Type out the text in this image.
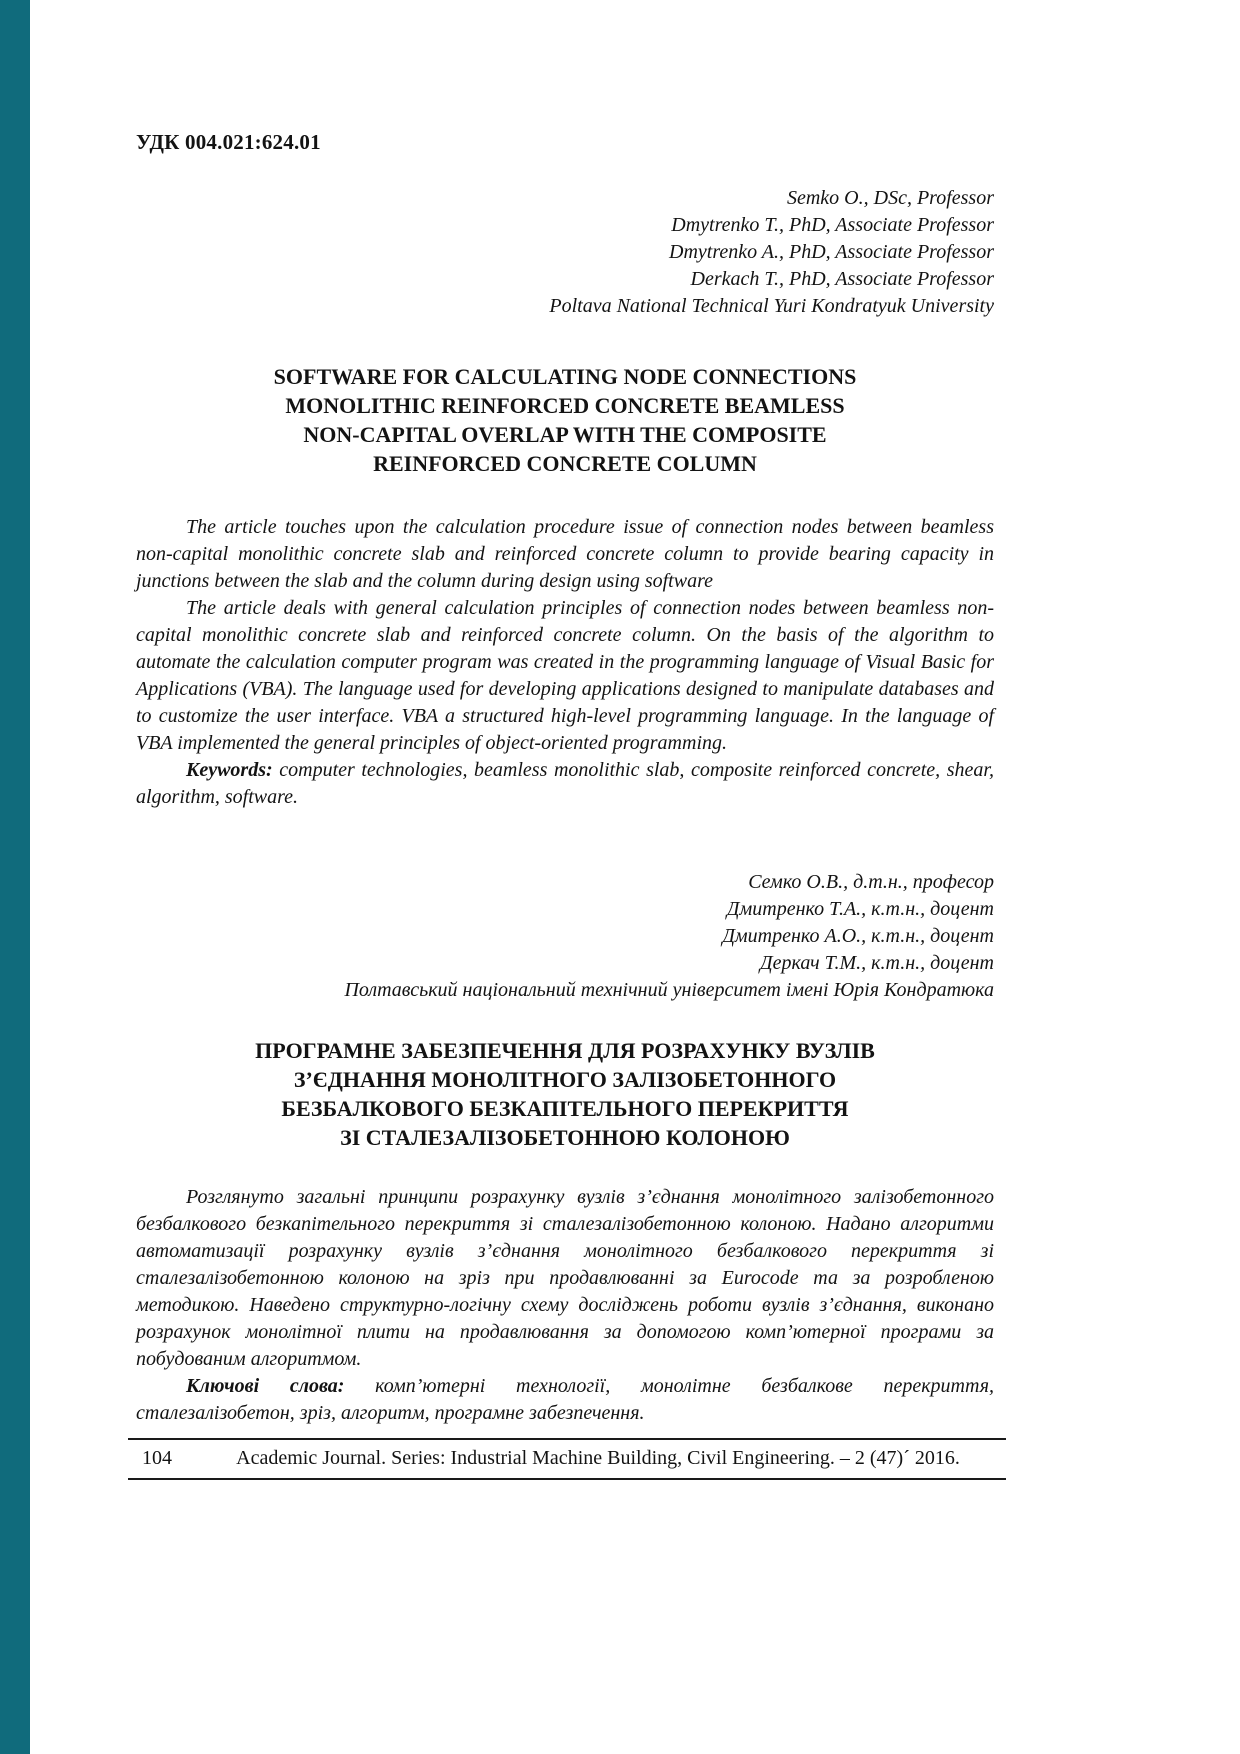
УДК 004.021:624.01
Semko O., DSc, Professor
Dmytrenko T., PhD, Associate Professor
Dmytrenko A., PhD, Associate Professor
Derkach T., PhD, Associate Professor
Poltava National Technical Yuri Kondratyuk University
SOFTWARE FOR CALCULATING NODE CONNECTIONS
MONOLITHIC REINFORCED CONCRETE BEAMLESS
NON-CAPITAL OVERLAP WITH THE COMPOSITE
REINFORCED CONCRETE COLUMN

The article touches upon the calculation procedure issue of connection nodes between beamless non-capital monolithic concrete slab and reinforced concrete column to provide bearing capacity in junctions between the slab and the column during design using software

The article deals with general calculation principles of connection nodes between beamless non-capital monolithic concrete slab and reinforced concrete column. On the basis of the algorithm to automate the calculation computer program was created in the programming language of Visual Basic for Applications (VBA). The language used for developing applications designed to manipulate databases and to customize the user interface. VBA a structured high-level programming language. In the language of VBA implemented the general principles of object-oriented programming.

Keywords: computer technologies, beamless monolithic slab, composite reinforced concrete, shear, algorithm, software.

Семко О.В., д.т.н., професор
Дмитренко Т.А., к.т.н., доцент
Дмитренко А.О., к.т.н., доцент
Деркач Т.М., к.т.н., доцент
Полтавський національний технічний університет імені Юрія Кондратюка
ПРОГРАМНЕ ЗАБЕЗПЕЧЕННЯ ДЛЯ РОЗРАХУНКУ ВУЗЛІВ
З’ЄДНАННЯ МОНОЛІТНОГО ЗАЛІЗОБЕТОННОГО
БЕЗБАЛКОВОГО БЕЗКАПІТЕЛЬНОГО ПЕРЕКРИТТЯ
ЗІ СТАЛЕЗАЛІЗОБЕТОННОЮ КОЛОНОЮ

Розглянуто загальні принципи розрахунку вузлів з’єднання монолітного залізобетонного безбалкового безкапітельного перекриття зі сталезалізобетонною колоною. Надано алгоритми автоматизації розрахунку вузлів з’єднання монолітного безбалкового перекриття зі сталезалізобетонною колоною на зріз при продавлюванні за Eurocode та за розробленою методикою. Наведено структурно-логічну схему досліджень роботи вузлів з’єднання, виконано розрахунок монолітної плити на продавлювання за допомогою комп’ютерної програми за побудованим алгоритмом.

Ключові слова: комп’ютерні технології, монолітне безбалкове перекриття, сталезалізобетон, зріз, алгоритм, програмне забезпечення.

104	Academic Journal. Series: Industrial Machine Building, Civil Engineering. – 2 (47)´ 2016.
